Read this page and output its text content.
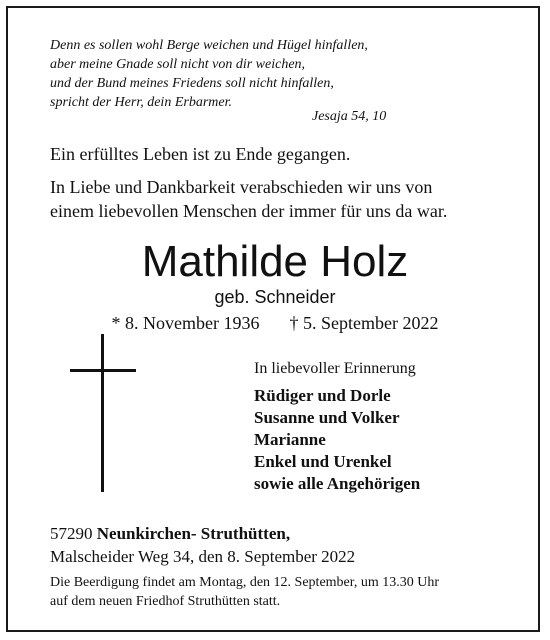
Denn es sollen wohl Berge weichen und Hügel hinfallen,
aber meine Gnade soll nicht von dir weichen,
und der Bund meines Friedens soll nicht hinfallen,
spricht der Herr, dein Erbarmer.
Jesaja 54, 10
Ein erfülltes Leben ist zu Ende gegangen.
In Liebe und Dankbarkeit verabschieden wir uns von
einem liebevollen Menschen der immer für uns da war.
Mathilde Holz
geb. Schneider
* 8. November 1936 † 5. September 2022
In liebevoller Erinnerung
Rüdiger und Dorle
Susanne und Volker
Marianne
Enkel und Urenkel
sowie alle Angehörigen
57290 Neunkirchen- Struthütten,
Malscheider Weg 34, den 8. September 2022
Die Beerdigung findet am Montag, den 12. September, um 13.30 Uhr
auf dem neuen Friedhof Struthütten statt.
